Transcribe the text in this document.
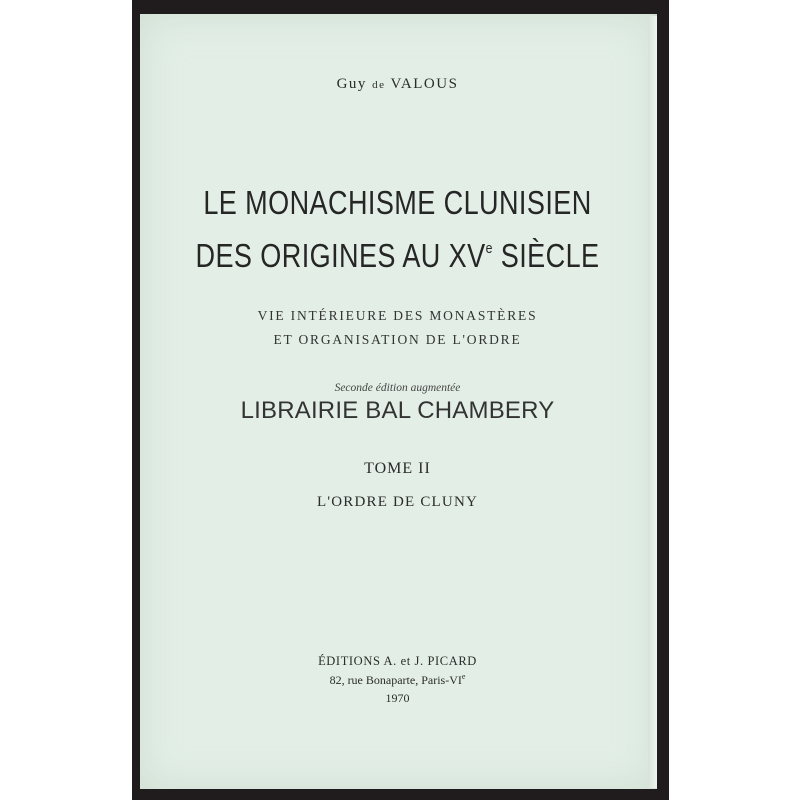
Guy de VALOUS
LE MONACHISME CLUNISIEN
DES ORIGINES AU XVe SIÈCLE
VIE INTÉRIEURE DES MONASTÈRES
ET ORGANISATION DE L'ORDRE
Seconde édition augmentée
LIBRAIRIE BAL CHAMBERY
TOME II
L'ORDRE DE CLUNY
ÉDITIONS A. et J. PICARD
82, rue Bonaparte, Paris-VIe
1970
